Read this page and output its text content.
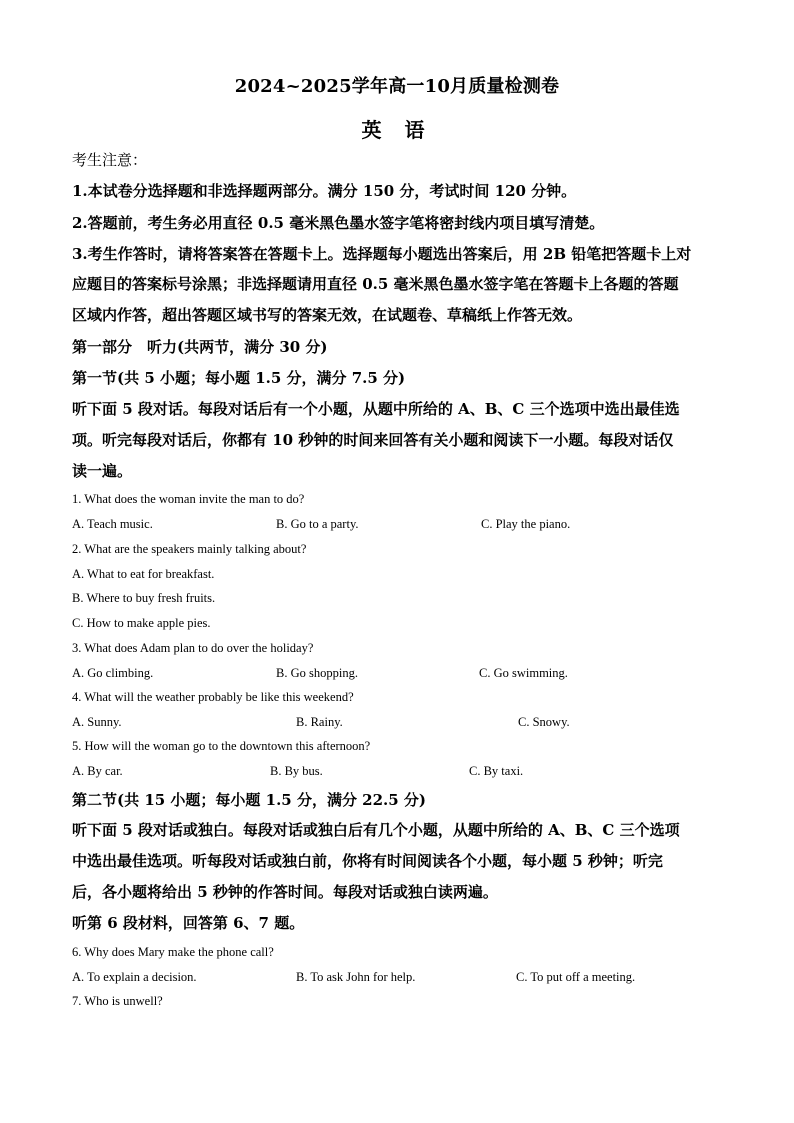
2024~2025学年高一10月质量检测卷
英 语
考生注意：
1.本试卷分选择题和非选择题两部分。满分 150 分，考试时间 120 分钟。
2.答题前，考生务必用直径 0.5 毫米黑色墨水签字笔将密封线内项目填写清楚。
3.考生作答时，请将答案答在答题卡上。选择题每小题选出答案后，用 2B 铅笔把答题卡上对
应题目的答案标号涂黑；非选择题请用直径 0.5 毫米黑色墨水签字笔在答题卡上各题的答题
区域内作答，超出答题区域书写的答案无效，在试题卷、草稿纸上作答无效。
第一部分　听力(共两节，满分 30 分)
第一节(共 5 小题；每小题 1.5 分，满分 7.5 分)
听下面 5 段对话。每段对话后有一个小题，从题中所给的 A、B、C 三个选项中选出最佳选
项。听完每段对话后，你都有 10 秒钟的时间来回答有关小题和阅读下一小题。每段对话仅
读一遍。
1. What does the woman invite the man to do?
A. Teach music.	B. Go to a party.	C. Play the piano.
2. What are the speakers mainly talking about?
A. What to eat for breakfast.
B. Where to buy fresh fruits.
C. How to make apple pies.
3. What does Adam plan to do over the holiday?
A. Go climbing.	B. Go shopping.	C. Go swimming.
4. What will the weather probably be like this weekend?
A. Sunny.	B. Rainy.	C. Snowy.
5. How will the woman go to the downtown this afternoon?
A. By car.	B. By bus.	C. By taxi.
第二节(共 15 小题；每小题 1.5 分，满分 22.5 分)
听下面 5 段对话或独白。每段对话或独白后有几个小题，从题中所给的 A、B、C 三个选项
中选出最佳选项。听每段对话或独白前，你将有时间阅读各个小题，每小题 5 秒钟；听完
后，各小题将给出 5 秒钟的作答时间。每段对话或独白读两遍。
听第 6 段材料，回答第 6、7 题。
6. Why does Mary make the phone call?
A. To explain a decision.	B. To ask John for help.	C. To put off a meeting.
7. Who is unwell?
